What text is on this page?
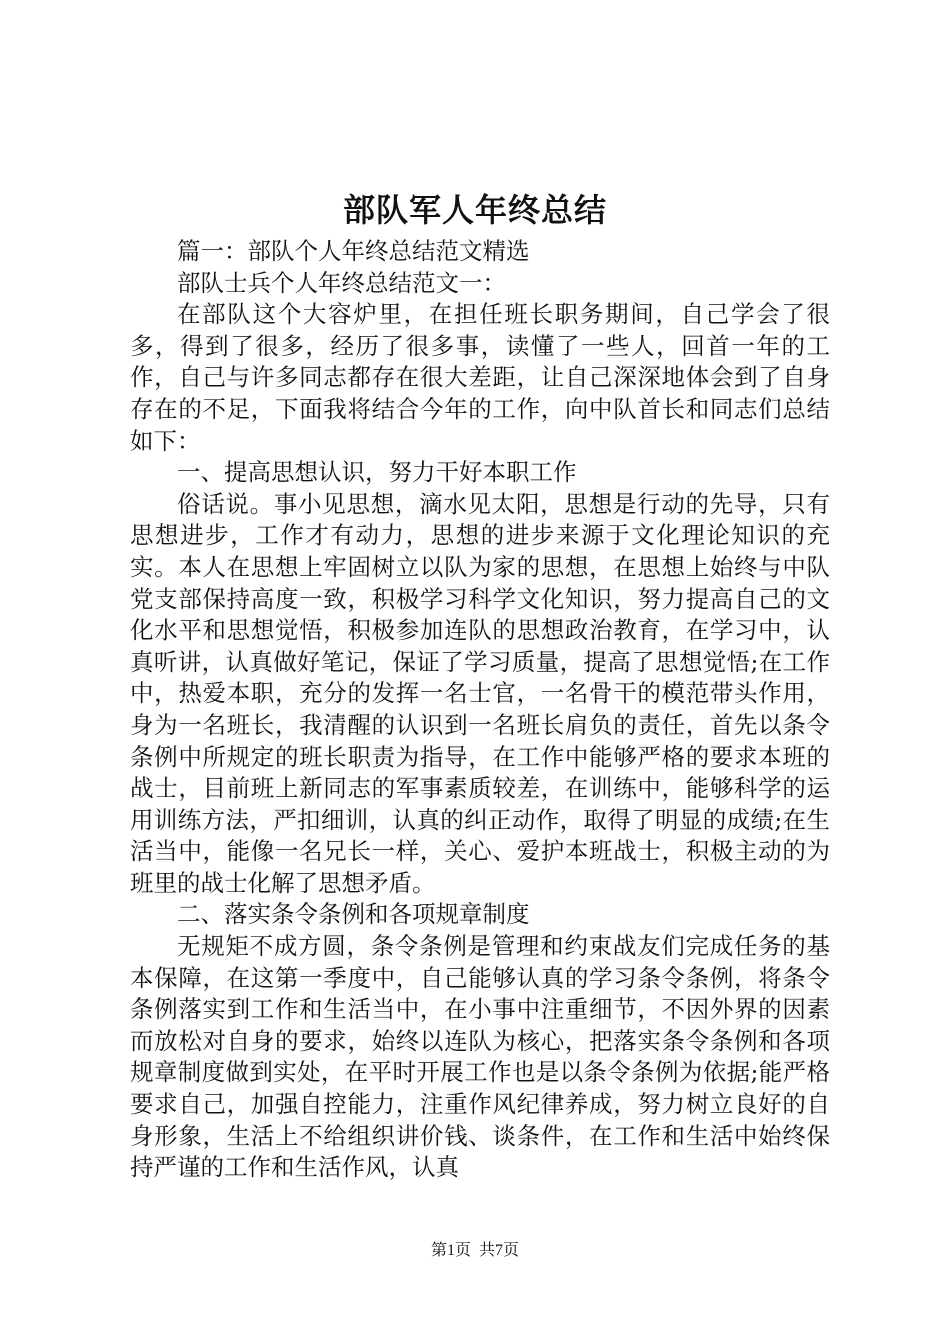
部队军人年终总结

篇一：部队个人年终总结范文精选

部队士兵个人年终总结范文一：

在部队这个大容炉里，在担任班长职务期间，自己学会了很多，得到了很多，经历了很多事，读懂了一些人，回首一年的工作，自己与许多同志都存在很大差距，让自己深深地体会到了自身存在的不足，下面我将结合今年的工作，向中队首长和同志们总结如下：

一、提高思想认识，努力干好本职工作

俗话说。事小见思想，滴水见太阳，思想是行动的先导，只有思想进步，工作才有动力，思想的进步来源于文化理论知识的充实。本人在思想上牢固树立以队为家的思想，在思想上始终与中队党支部保持高度一致，积极学习科学文化知识，努力提高自己的文化水平和思想觉悟，积极参加连队的思想政治教育，在学习中，认真听讲，认真做好笔记，保证了学习质量，提高了思想觉悟;在工作中，热爱本职，充分的发挥一名士官，一名骨干的模范带头作用，身为一名班长，我清醒的认识到一名班长肩负的责任，首先以条令条例中所规定的班长职责为指导，在工作中能够严格的要求本班的战士，目前班上新同志的军事素质较差，在训练中，能够科学的运用训练方法，严扣细训，认真的纠正动作，取得了明显的成绩;在生活当中，能像一名兄长一样，关心、爱护本班战士，积极主动的为班里的战士化解了思想矛盾。

二、落实条令条例和各项规章制度

无规矩不成方圆，条令条例是管理和约束战友们完成任务的基本保障，在这第一季度中，自己能够认真的学习条令条例，将条令条例落实到工作和生活当中，在小事中注重细节，不因外界的因素而放松对自身的要求，始终以连队为核心，把落实条令条例和各项规章制度做到实处，在平时开展工作也是以条令条例为依据;能严格要求自己，加强自控能力，注重作风纪律养成，努力树立良好的自身形象，生活上不给组织讲价钱、谈条件，在工作和生活中始终保持严谨的工作和生活作风，认真

第1页 共7页
